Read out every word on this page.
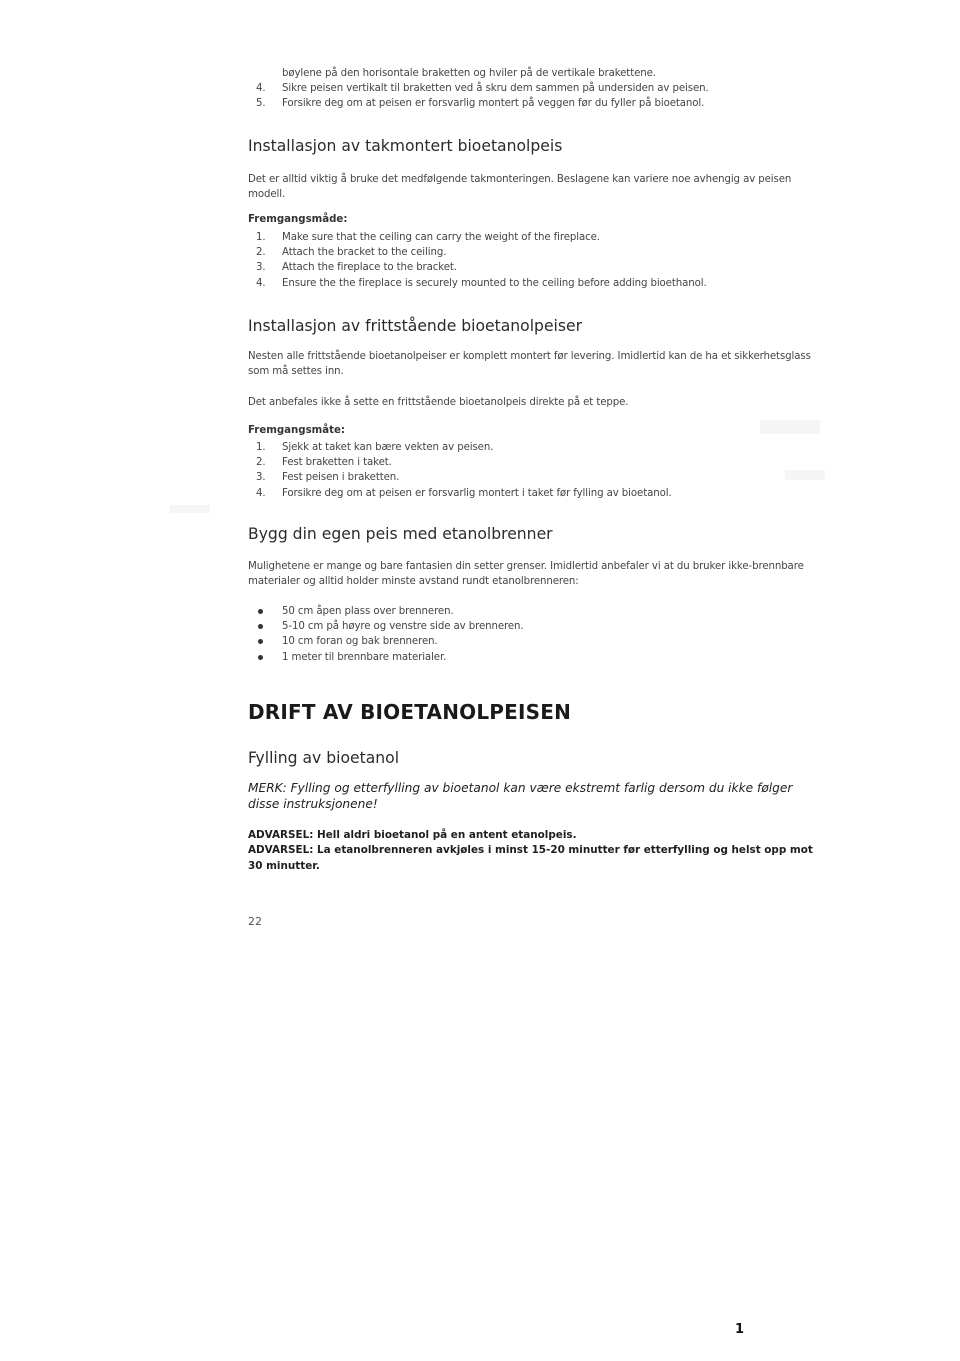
bøylene på den horisontale braketten og hviler på de vertikale brakettene.
4. Sikre peisen vertikalt til braketten ved å skru dem sammen på undersiden av peisen.
5. Forsikre deg om at peisen er forsvarlig montert på veggen før du fyller på bioetanol.
Installasjon av takmontert bioetanolpeis
Det er alltid viktig å bruke det medfølgende takmonteringen. Beslagene kan variere noe avhengig av peisen modell.
Fremgangsmåde:
1. Make sure that the ceiling can carry the weight of the fireplace.
2. Attach the bracket to the ceiling.
3. Attach the fireplace to the bracket.
4. Ensure the the fireplace is securely mounted to the ceiling before adding bioethanol.
Installasjon av frittstående bioetanolpeiser
Nesten alle frittstående bioetanolpeiser er komplett montert før levering. Imidlertid kan de ha et sikkerhetsglass som må settes inn.
Det anbefales ikke å sette en frittstående bioetanolpeis direkte på et teppe.
Fremgangsmåte:
1. Sjekk at taket kan bære vekten av peisen.
2. Fest braketten i taket.
3. Fest peisen i braketten.
4. Forsikre deg om at peisen er forsvarlig montert i taket før fylling av bioetanol.
Bygg din egen peis med etanolbrenner
Mulighetene er mange og bare fantasien din setter grenser. Imidlertid anbefaler vi at du bruker ikke-brennbare materialer og alltid holder minste avstand rundt etanolbrenneren:
50 cm åpen plass over brenneren.
5-10 cm på høyre og venstre side av brenneren.
10 cm foran og bak brenneren.
1 meter til brennbare materialer.
DRIFT AV BIOETANOLPEISEN
Fylling av bioetanol
MERK: Fylling og etterfylling av bioetanol kan være ekstremt farlig dersom du ikke følger disse instruksjonene!
ADVARSEL: Hell aldri bioetanol på en antent etanolpeis.
ADVARSEL: La etanolbrenneren avkjøles i minst 15-20 minutter før etterfylling og helst opp mot 30 minutter.
22
1
